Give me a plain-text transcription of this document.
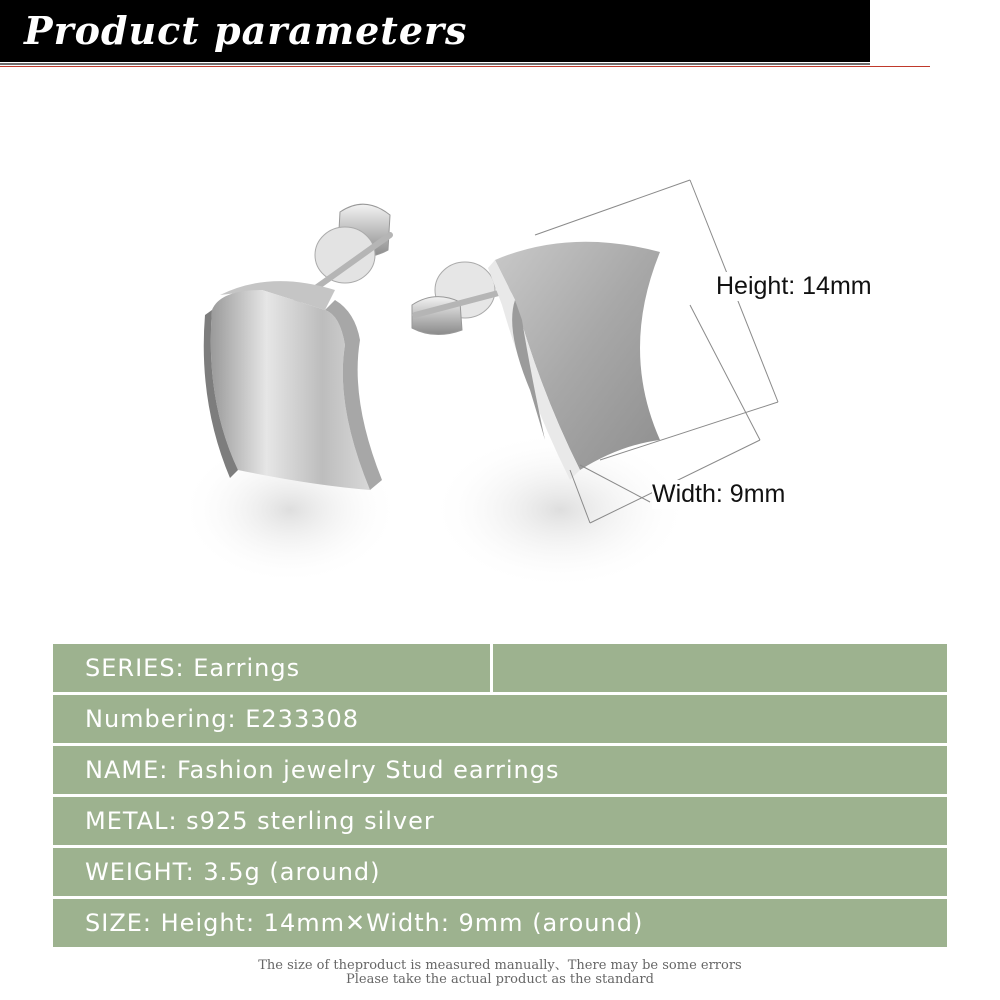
Product parameters
Height: 14mm
Width: 9mm
SERIES: Earrings
Numbering: E233308
NAME: Fashion jewelry Stud earrings
METAL: s925 sterling silver
WEIGHT: 3.5g (around)
SIZE: Height: 14mm✕Width: 9mm (around)
The size of theproduct is measured manually、There may be some errors
Please take the actual product as the standard
